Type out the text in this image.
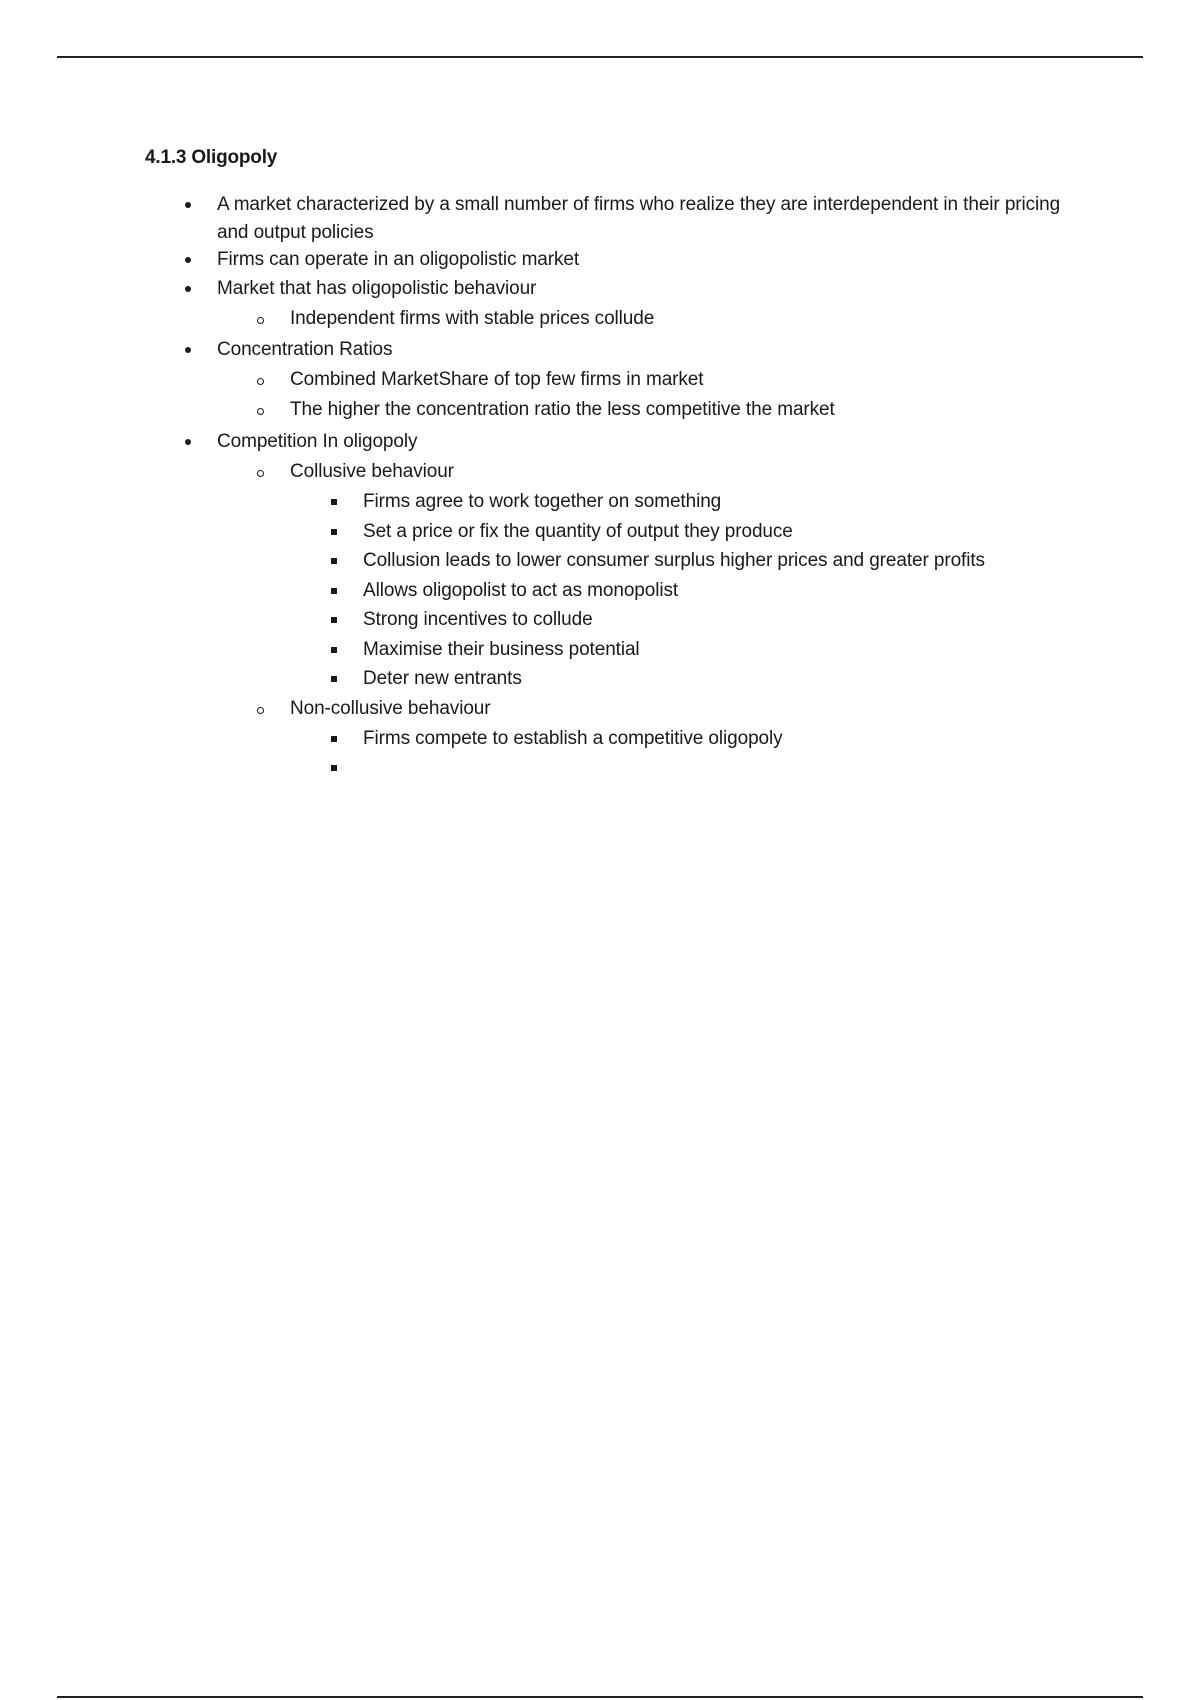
4.1.3 Oligopoly
A market characterized by a small number of firms who realize they are interdependent in their pricing and output policies
Firms can operate in an oligopolistic market
Market that has oligopolistic behaviour
Independent firms with stable prices collude
Concentration Ratios
Combined MarketShare of top few firms in market
The higher the concentration ratio the less competitive the market
Competition In oligopoly
Collusive behaviour
Firms agree to work together on something
Set a price or fix the quantity of output they produce
Collusion leads to lower consumer surplus higher prices and greater profits
Allows oligopolist to act as monopolist
Strong incentives to collude
Maximise their business potential
Deter new entrants
Non-collusive behaviour
Firms compete to establish a competitive oligopoly
